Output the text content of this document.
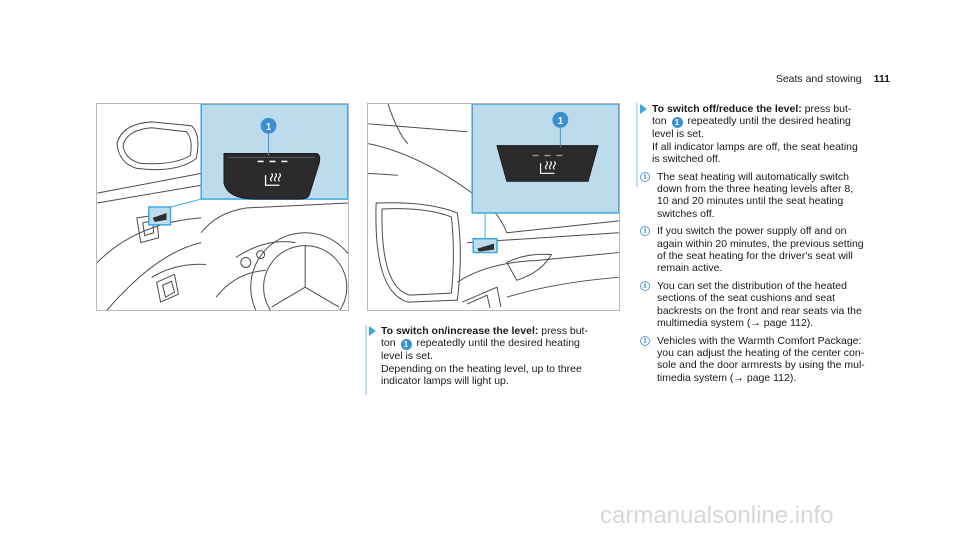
Seats and stowing 111
1
1
To switch on/increase the level: press but-
ton 1 repeatedly until the desired heating
level is set.
Depending on the heating level, up to three
indicator lamps will light up.
To switch off/reduce the level: press but-
ton 1 repeatedly until the desired heating
level is set.
If all indicator lamps are off, the seat heating
is switched off.
i	The seat heating will automatically switch
down from the three heating levels after 8,
10 and 20 minutes until the seat heating
switches off.
i	If you switch the power supply off and on
again within 20 minutes, the previous setting
of the seat heating for the driver's seat will
remain active.
i	You can set the distribution of the heated
sections of the seat cushions and seat
backrests on the front and rear seats via the
multimedia system (→ page 112).
i	Vehicles with the Warmth Comfort Package:
you can adjust the heating of the center con-
sole and the door armrests by using the mul-
timedia system (→ page 112).
carmanualsonline.info
